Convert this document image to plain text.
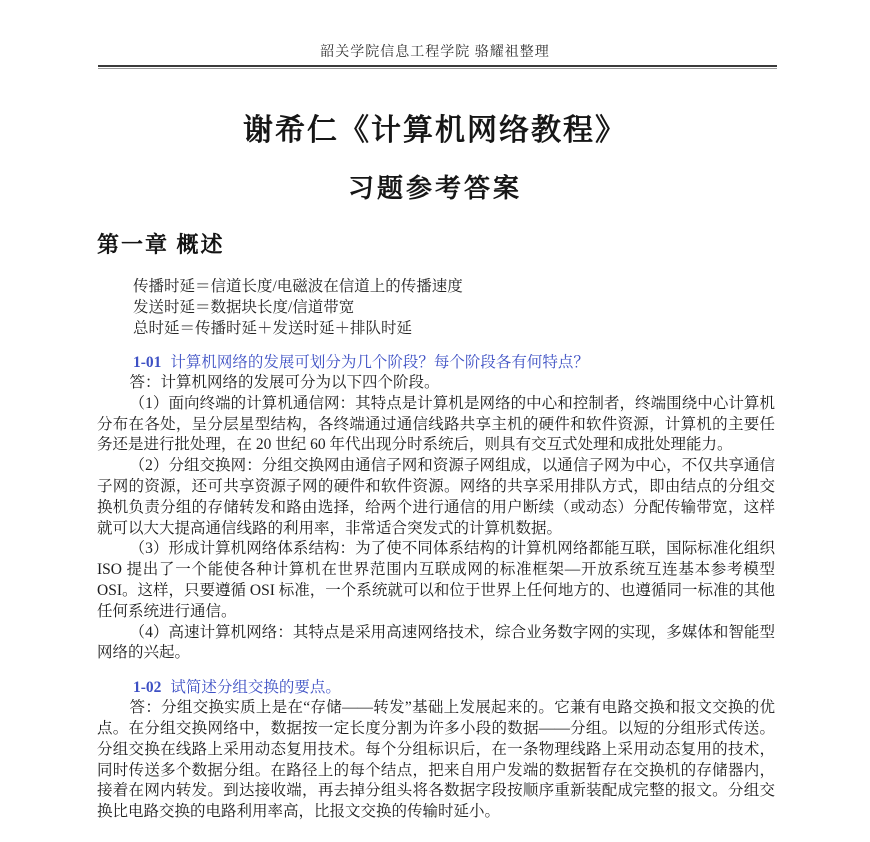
韶关学院信息工程学院 骆耀祖整理
谢希仁《计算机网络教程》
习题参考答案
第一章 概述
传播时延＝信道长度/电磁波在信道上的传播速度
发送时延＝数据块长度/信道带宽
总时延＝传播时延＋发送时延＋排队时延
1-01 计算机网络的发展可划分为几个阶段？每个阶段各有何特点？

答：计算机网络的发展可分为以下四个阶段。

（1）面向终端的计算机通信网：其特点是计算机是网络的中心和控制者，终端围绕中心计算机分布在各处，呈分层星型结构，各终端通过通信线路共享主机的硬件和软件资源，计算机的主要任务还是进行批处理，在 20 世纪 60 年代出现分时系统后，则具有交互式处理和成批处理能力。

（2）分组交换网：分组交换网由通信子网和资源子网组成，以通信子网为中心，不仅共享通信子网的资源，还可共享资源子网的硬件和软件资源。网络的共享采用排队方式，即由结点的分组交换机负责分组的存储转发和路由选择，给两个进行通信的用户断续（或动态）分配传输带宽，这样就可以大大提高通信线路的利用率，非常适合突发式的计算机数据。

（3）形成计算机网络体系结构：为了使不同体系结构的计算机网络都能互联，国际标准化组织 ISO 提出了一个能使各种计算机在世界范围内互联成网的标准框架—开放系统互连基本参考模型 OSI。这样，只要遵循 OSI 标准，一个系统就可以和位于世界上任何地方的、也遵循同一标准的其他任何系统进行通信。

（4）高速计算机网络：其特点是采用高速网络技术，综合业务数字网的实现，多媒体和智能型网络的兴起。

1-02 试简述分组交换的要点。

答：分组交换实质上是在“存储——转发”基础上发展起来的。它兼有电路交换和报文交换的优点。在分组交换网络中，数据按一定长度分割为许多小段的数据——分组。以短的分组形式传送。分组交换在线路上采用动态复用技术。每个分组标识后，在一条物理线路上采用动态复用的技术，同时传送多个数据分组。在路径上的每个结点，把来自用户发端的数据暂存在交换机的存储器内，接着在网内转发。到达接收端，再去掉分组头将各数据字段按顺序重新装配成完整的报文。分组交换比电路交换的电路利用率高，比报文交换的传输时延小。
